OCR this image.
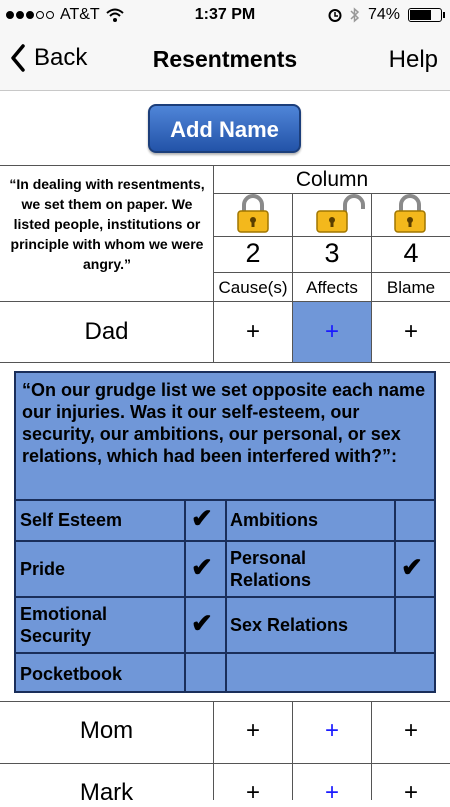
AT&T	1:37 PM	74%
Back	Resentments	Help
Add Name
“In dealing with resentments, we set them on paper. We listed people, institutions or principle with whom we were angry.”
Column
2	3	4
Cause(s)	Affects	Blame
Dad	+	+	+
“On our grudge list we set opposite each name our injuries. Was it our self-esteem, our security, our ambitions, our personal, or sex relations, which had been interfered with?”:
Self Esteem	✔ Ambitions
Pride	✔ Personal Relations	✔
Emotional Security	✔ Sex Relations
Pocketbook
Mom	+	+	+
Mark	+	+	+
